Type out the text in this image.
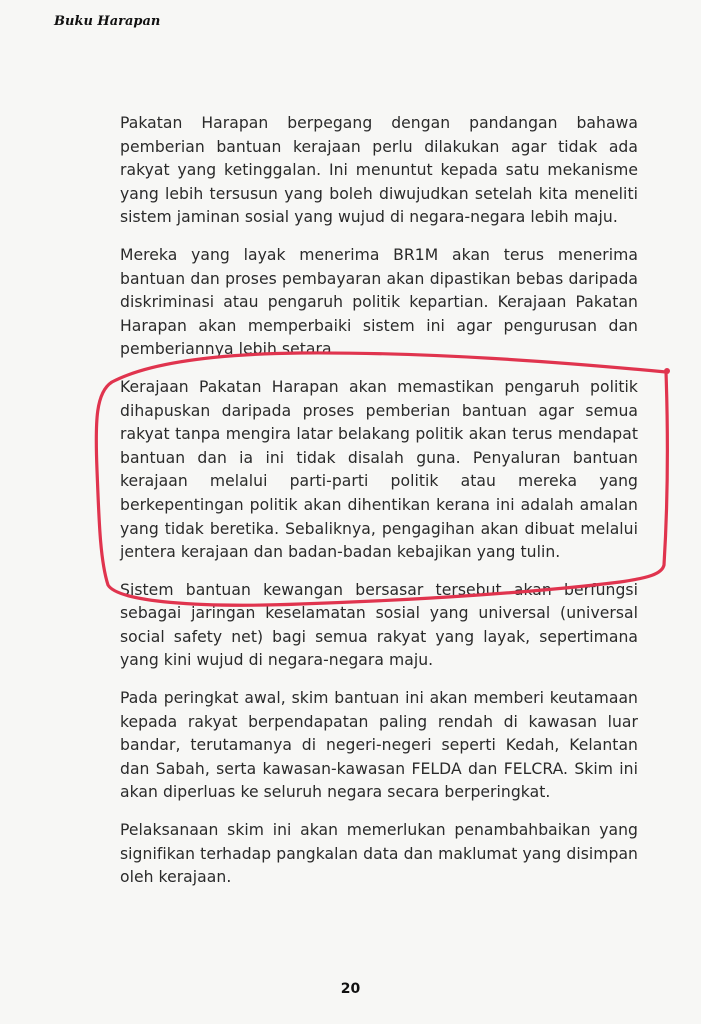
Buku Harapan

Pakatan Harapan berpegang dengan pandangan bahawa pemberian bantuan kerajaan perlu dilakukan agar tidak ada rakyat yang ketinggalan. Ini menuntut kepada satu mekanisme yang lebih tersusun yang boleh diwujudkan setelah kita meneliti sistem jaminan sosial yang wujud di negara-negara lebih maju.

Mereka yang layak menerima BR1M akan terus menerima bantuan dan proses pembayaran akan dipastikan bebas daripada diskriminasi atau pengaruh politik kepartian. Kerajaan Pakatan Harapan akan memperbaiki sistem ini agar pengurusan dan pemberiannya lebih setara.

Kerajaan Pakatan Harapan akan memastikan pengaruh politik dihapuskan daripada proses pemberian bantuan agar semua rakyat tanpa mengira latar belakang politik akan terus mendapat bantuan dan ia ini tidak disalah guna. Penyaluran bantuan kerajaan melalui parti-parti politik atau mereka yang berkepentingan politik akan dihentikan kerana ini adalah amalan yang tidak beretika. Sebaliknya, pengagihan akan dibuat melalui jentera kerajaan dan badan-badan kebajikan yang tulin.

Sistem bantuan kewangan bersasar tersebut akan berfungsi sebagai jaringan keselamatan sosial yang universal (universal social safety net) bagi semua rakyat yang layak, sepertimana yang kini wujud di negara-negara maju.

Pada peringkat awal, skim bantuan ini akan memberi keutamaan kepada rakyat berpendapatan paling rendah di kawasan luar bandar, terutamanya di negeri-negeri seperti Kedah, Kelantan dan Sabah, serta kawasan-kawasan FELDA dan FELCRA. Skim ini akan diperluas ke seluruh negara secara berperingkat.

Pelaksanaan skim ini akan memerlukan penambahbaikan yang signifikan terhadap pangkalan data dan maklumat yang disimpan oleh kerajaan.

20
